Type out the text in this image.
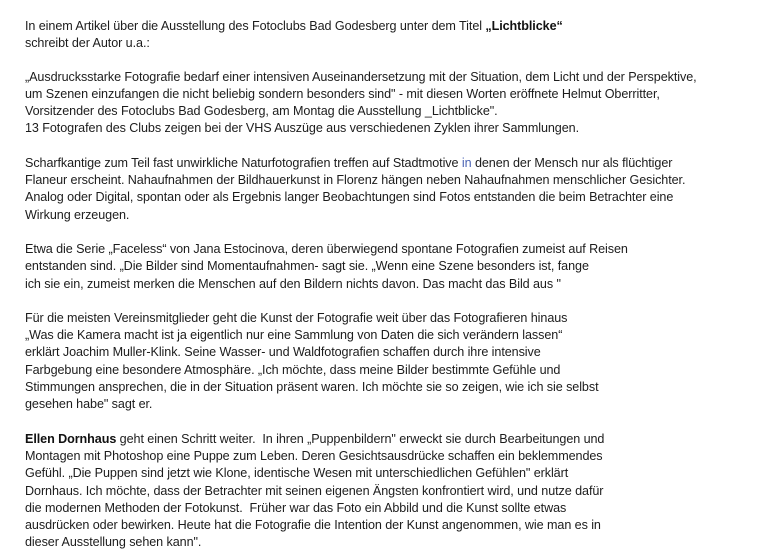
In einem Artikel über die Ausstellung des Fotoclubs Bad Godesberg unter dem Titel „Lichtblicke“
schreibt der Autor u.a.:

„Ausdrucksstarke Fotografie bedarf einer intensiven Auseinandersetzung mit der Situation, dem Licht und der Perspektive,
um Szenen einzufangen die nicht beliebig sondern besonders sind" - mit diesen Worten eröffnete Helmut Oberritter,
Vorsitzender des Fotoclubs Bad Godesberg, am Montag die Ausstellung _Lichtblicke".
13 Fotografen des Clubs zeigen bei der VHS Auszüge aus verschiedenen Zyklen ihrer Sammlungen.

Scharfkantige zum Teil fast unwirkliche Naturfotografien treffen auf Stadtmotive in denen der Mensch nur als flüchtiger
Flaneur erscheint. Nahaufnahmen der Bildhauerkunst in Florenz hängen neben Nahaufnahmen menschlicher Gesichter.
Analog oder Digital, spontan oder als Ergebnis langer Beobachtungen sind Fotos entstanden die beim Betrachter eine
Wirkung erzeugen.

Etwa die Serie „Faceless“ von Jana Estocinova, deren überwiegend spontane Fotografien zumeist auf Reisen
entstanden sind. „Die Bilder sind Momentaufnahmen- sagt sie. „Wenn eine Szene besonders ist, fange
ich sie ein, zumeist merken die Menschen auf den Bildern nichts davon. Das macht das Bild aus "

Für die meisten Vereinsmitglieder geht die Kunst der Fotografie weit über das Fotografieren hinaus
„Was die Kamera macht ist ja eigentlich nur eine Sammlung von Daten die sich verändern lassen“
erklärt Joachim Muller-Klink. Seine Wasser- und Waldfotografien schaffen durch ihre intensive
Farbgebung eine besondere Atmosphäre. „Ich möchte, dass meine Bilder bestimmte Gefühle und
Stimmungen ansprechen, die in der Situation präsent waren. Ich möchte sie so zeigen, wie ich sie selbst
gesehen habe" sagt er.

Ellen Dornhaus geht einen Schritt weiter.  In ihren „Puppenbildern" erweckt sie durch Bearbeitungen und
Montagen mit Photoshop eine Puppe zum Leben. Deren Gesichtsausdrücke schaffen ein beklemmendes
Gefühl. „Die Puppen sind jetzt wie Klone, identische Wesen mit unterschiedlichen Gefühlen" erklärt
Dornhaus. Ich möchte, dass der Betrachter mit seinen eigenen Ängsten konfrontiert wird, und nutze dafür
die modernen Methoden der Fotokunst.  Früher war das Foto ein Abbild und die Kunst sollte etwas
ausdrücken oder bewirken. Heute hat die Fotografie die Intention der Kunst angenommen, wie man es in
dieser Ausstellung sehen kann".
